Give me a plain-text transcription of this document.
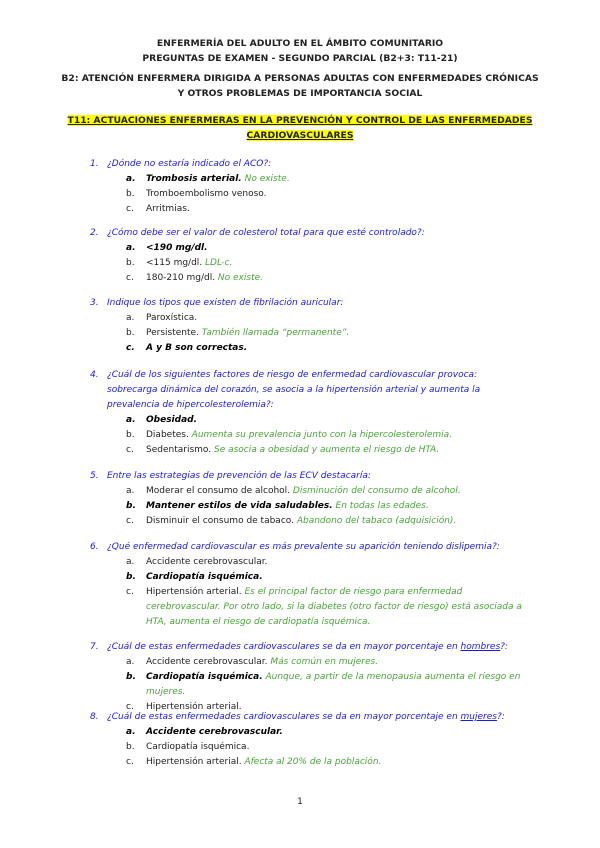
ENFERMERÍA DEL ADULTO EN EL ÁMBITO COMUNITARIO
PREGUNTAS DE EXAMEN - SEGUNDO PARCIAL (B2+3: T11-21)
B2: ATENCIÓN ENFERMERA DIRIGIDA A PERSONAS ADULTAS CON ENFERMEDADES CRÓNICAS Y OTROS PROBLEMAS DE IMPORTANCIA SOCIAL
T11: ACTUACIONES ENFERMERAS EN LA PREVENCIÓN Y CONTROL DE LAS ENFERMEDADES CARDIOVASCULARES
1. ¿Dónde no estaría indicado el ACO?:
a.	Trombosis arterial. No existe.
b.	Tromboembolismo venoso.
c.	Arritmias.
2. ¿Cómo debe ser el valor de colesterol total para que esté controlado?:
a.	<190 mg/dl.
b.	<115 mg/dl. LDL-c.
c.	180-210 mg/dl. No existe.
3. Indique los tipos que existen de fibrilación auricular:
a.	Paroxística.
b.	Persistente. También llamada “permanente”.
c.	A y B son correctas.
4. ¿Cuál de los siguientes factores de riesgo de enfermedad cardiovascular provoca: sobrecarga dinámica del corazón, se asocia a la hipertensión arterial y aumenta la prevalencia de hipercolesterolemia?:
a.	Obesidad.
b.	Diabetes. Aumenta su prevalencia junto con la hipercolesterolemia.
c.	Sedentarismo. Se asocia a obesidad y aumenta el riesgo de HTA.
5. Entre las estrategias de prevención de las ECV destacaría:
a.	Moderar el consumo de alcohol. Disminución del consumo de alcohol.
b.	Mantener estilos de vida saludables. En todas las edades.
c.	Disminuir el consumo de tabaco. Abandono del tabaco (adquisición).
6. ¿Qué enfermedad cardiovascular es más prevalente su aparición teniendo dislipemia?:
a.	Accidente cerebrovascular.
b.	Cardiopatía isquémica.
c.	Hipertensión arterial. Es el principal factor de riesgo para enfermedad cerebrovascular. Por otro lado, si la diabetes (otro factor de riesgo) está asociada a HTA, aumenta el riesgo de cardiopatía isquémica.
7. ¿Cuál de estas enfermedades cardiovasculares se da en mayor porcentaje en hombres?:
a.	Accidente cerebrovascular. Más común en mujeres.
b.	Cardiopatía isquémica. Aunque, a partir de la menopausia aumenta el riesgo en mujeres.
c.	Hipertensión arterial.
8. ¿Cuál de estas enfermedades cardiovasculares se da en mayor porcentaje en mujeres?:
a.	Accidente cerebrovascular.
b.	Cardiopatía isquémica.
c.	Hipertensión arterial. Afecta al 20% de la población.
1
